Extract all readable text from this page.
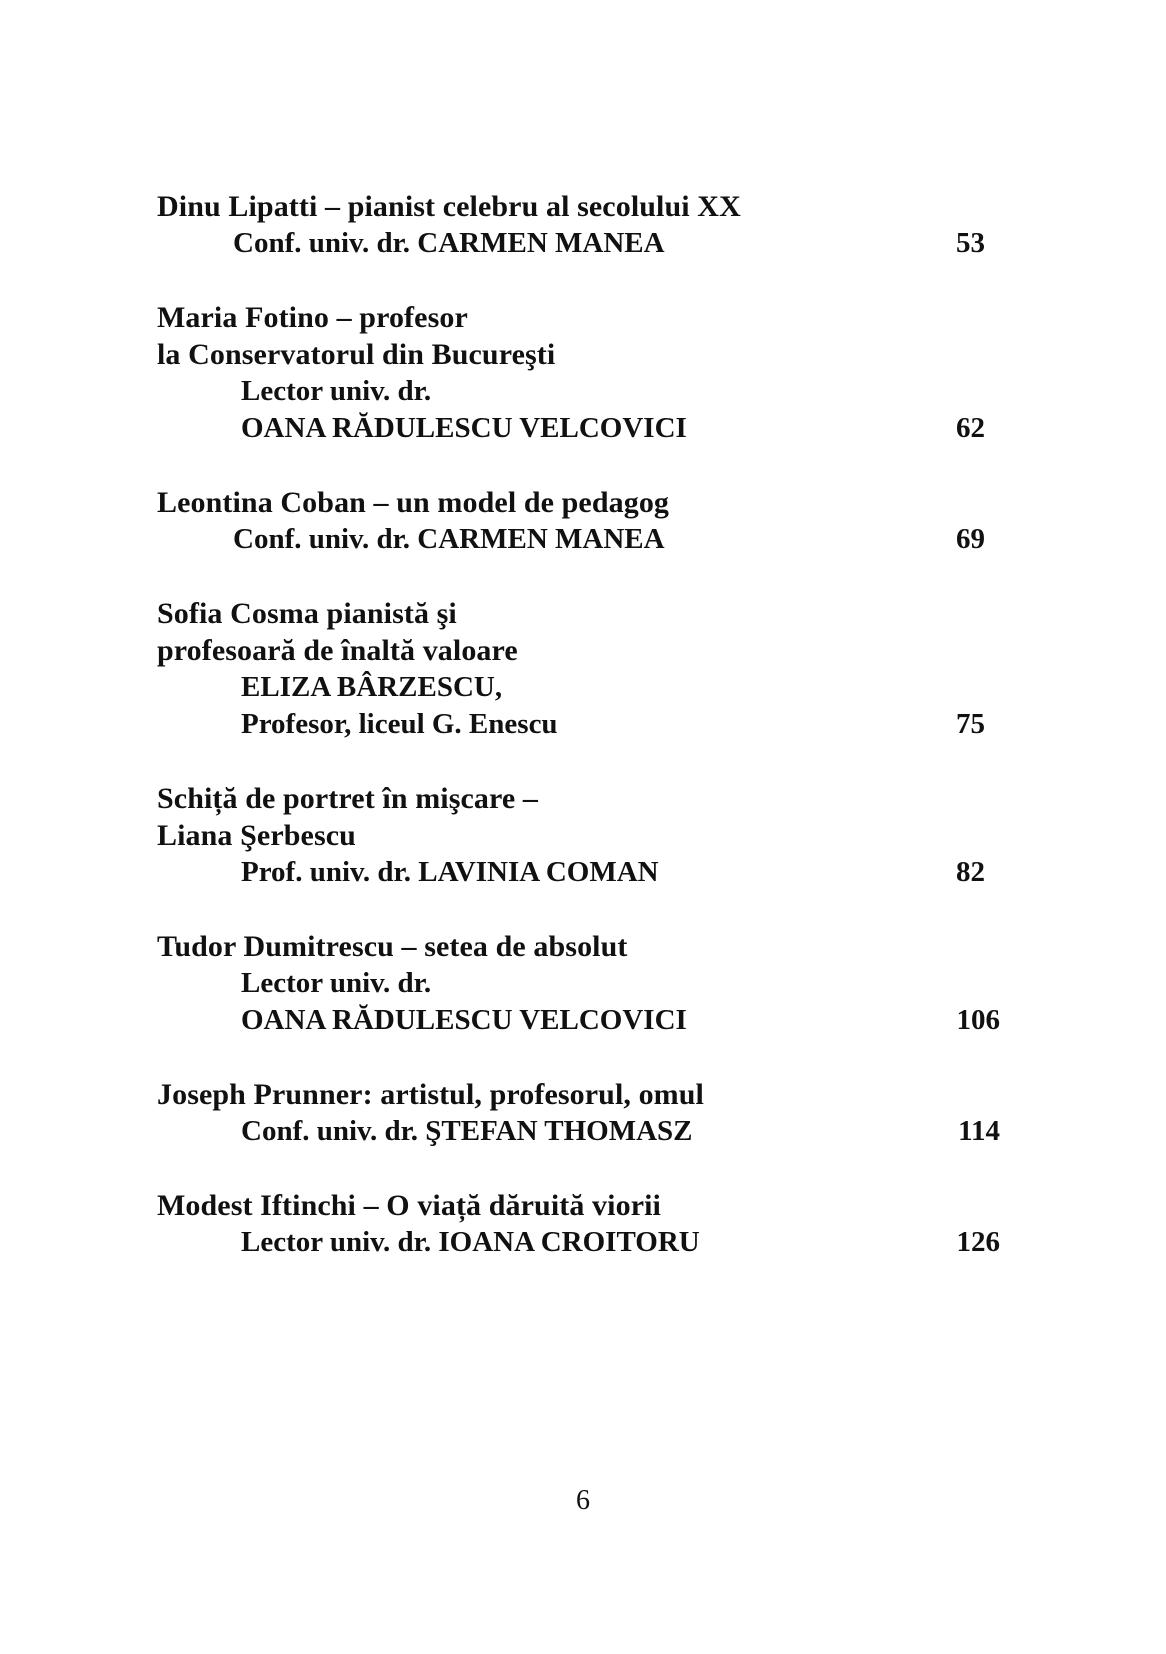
Dinu Lipatti – pianist celebru al secolului XX
Conf. univ. dr. CARMEN MANEA	53
Maria Fotino – profesor
la Conservatorul din Bucureşti
Lector univ. dr.
OANA RĂDULESCU VELCOVICI	62
Leontina Coban – un model de pedagog
Conf. univ. dr. CARMEN MANEA	69
Sofia Cosma pianistă şi
profesoară de înaltă valoare
ELIZA BÂRZESCU,
Profesor, liceul G. Enescu	75
Schiță de portret în mişcare –
Liana Şerbescu
Prof. univ. dr. LAVINIA COMAN	82
Tudor Dumitrescu – setea de absolut
Lector univ. dr.
OANA RĂDULESCU VELCOVICI	106
Joseph Prunner: artistul, profesorul, omul
Conf. univ. dr. ŞTEFAN THOMASZ	114
Modest Iftinchi – O viață dăruită viorii
Lector univ. dr. IOANA CROITORU	126
6
